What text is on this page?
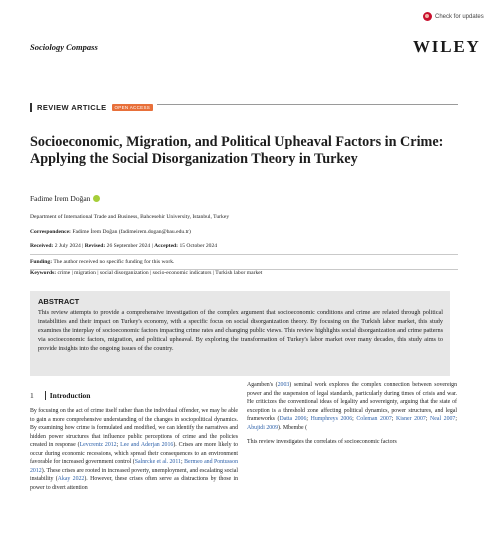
Check for updates
Sociology Compass	WILEY
REVIEW ARTICLE	OPEN ACCESS
Socioeconomic, Migration, and Political Upheaval Factors in Crime: Applying the Social Disorganization Theory in Turkey
Fadime İrem Doğan
Department of International Trade and Business, Bahcesehir University, Istanbul, Turkey
Correspondence: Fadime İrem Doğan (fadimeirem.dogan@bau.edu.tr)
Received: 2 July 2024 | Revised: 26 September 2024 | Accepted: 15 October 2024
Funding: The author received no specific funding for this work.
Keywords: crime | migration | social disorganization | socio-economic indicators | Turkish labor market
ABSTRACT
This review attempts to provide a comprehensive investigation of the complex argument that socioeconomic conditions and crime are related through political instabilities and their impact on Turkey's economy, with a specific focus on social disorganization theory. By focusing on the Turkish labor market, this study examines the interplay of socioeconomic factors impacting crime rates and changing public views. This review highlights social disorganization and crime patterns via socioeconomic factors, migration, and political upheaval. By exploring the transformation of Turkey's labor market over many decades, this study aims to provide insights into the ongoing issues of the country.
1 Introduction

By focusing on the act of crime itself rather than the individual offender, we may be able to gain a more comprehensive understanding of the changes in sociopolitical dynamics. By examining how crime is formulated and modified, we can identify the narratives and hidden power structures that influence public perceptions of crime and the policies created in response (Levcrentz 2012; Lee and Aderjan 2016). Crises are more likely to occur during economic recessions, which spread their consequences to an environment favorable for increased government control (Salnrcke et al. 2011; Bermeo and Pontusson 2012). These crises are rooted in increased poverty, unemployment, and escalating social instability (Akay 2022). However, these crises often serve as distractions by those in power to divert attention

Agamben's (2003) seminal work explores the complex connection between sovereign power and the suspension of legal standards, particularly during times of crisis and war. He criticizes the conventional ideas of legality and sovereignty, arguing that the state of exception is a threshold zone affecting political dynamics, power structures, and legal frameworks (Datta 2006; Humphreys 2006; Coleman 2007; Kisner 2007; Neal 2007; Abujidi 2009). Mbembe (

This review investigates the correlates of socioeconomic factors
